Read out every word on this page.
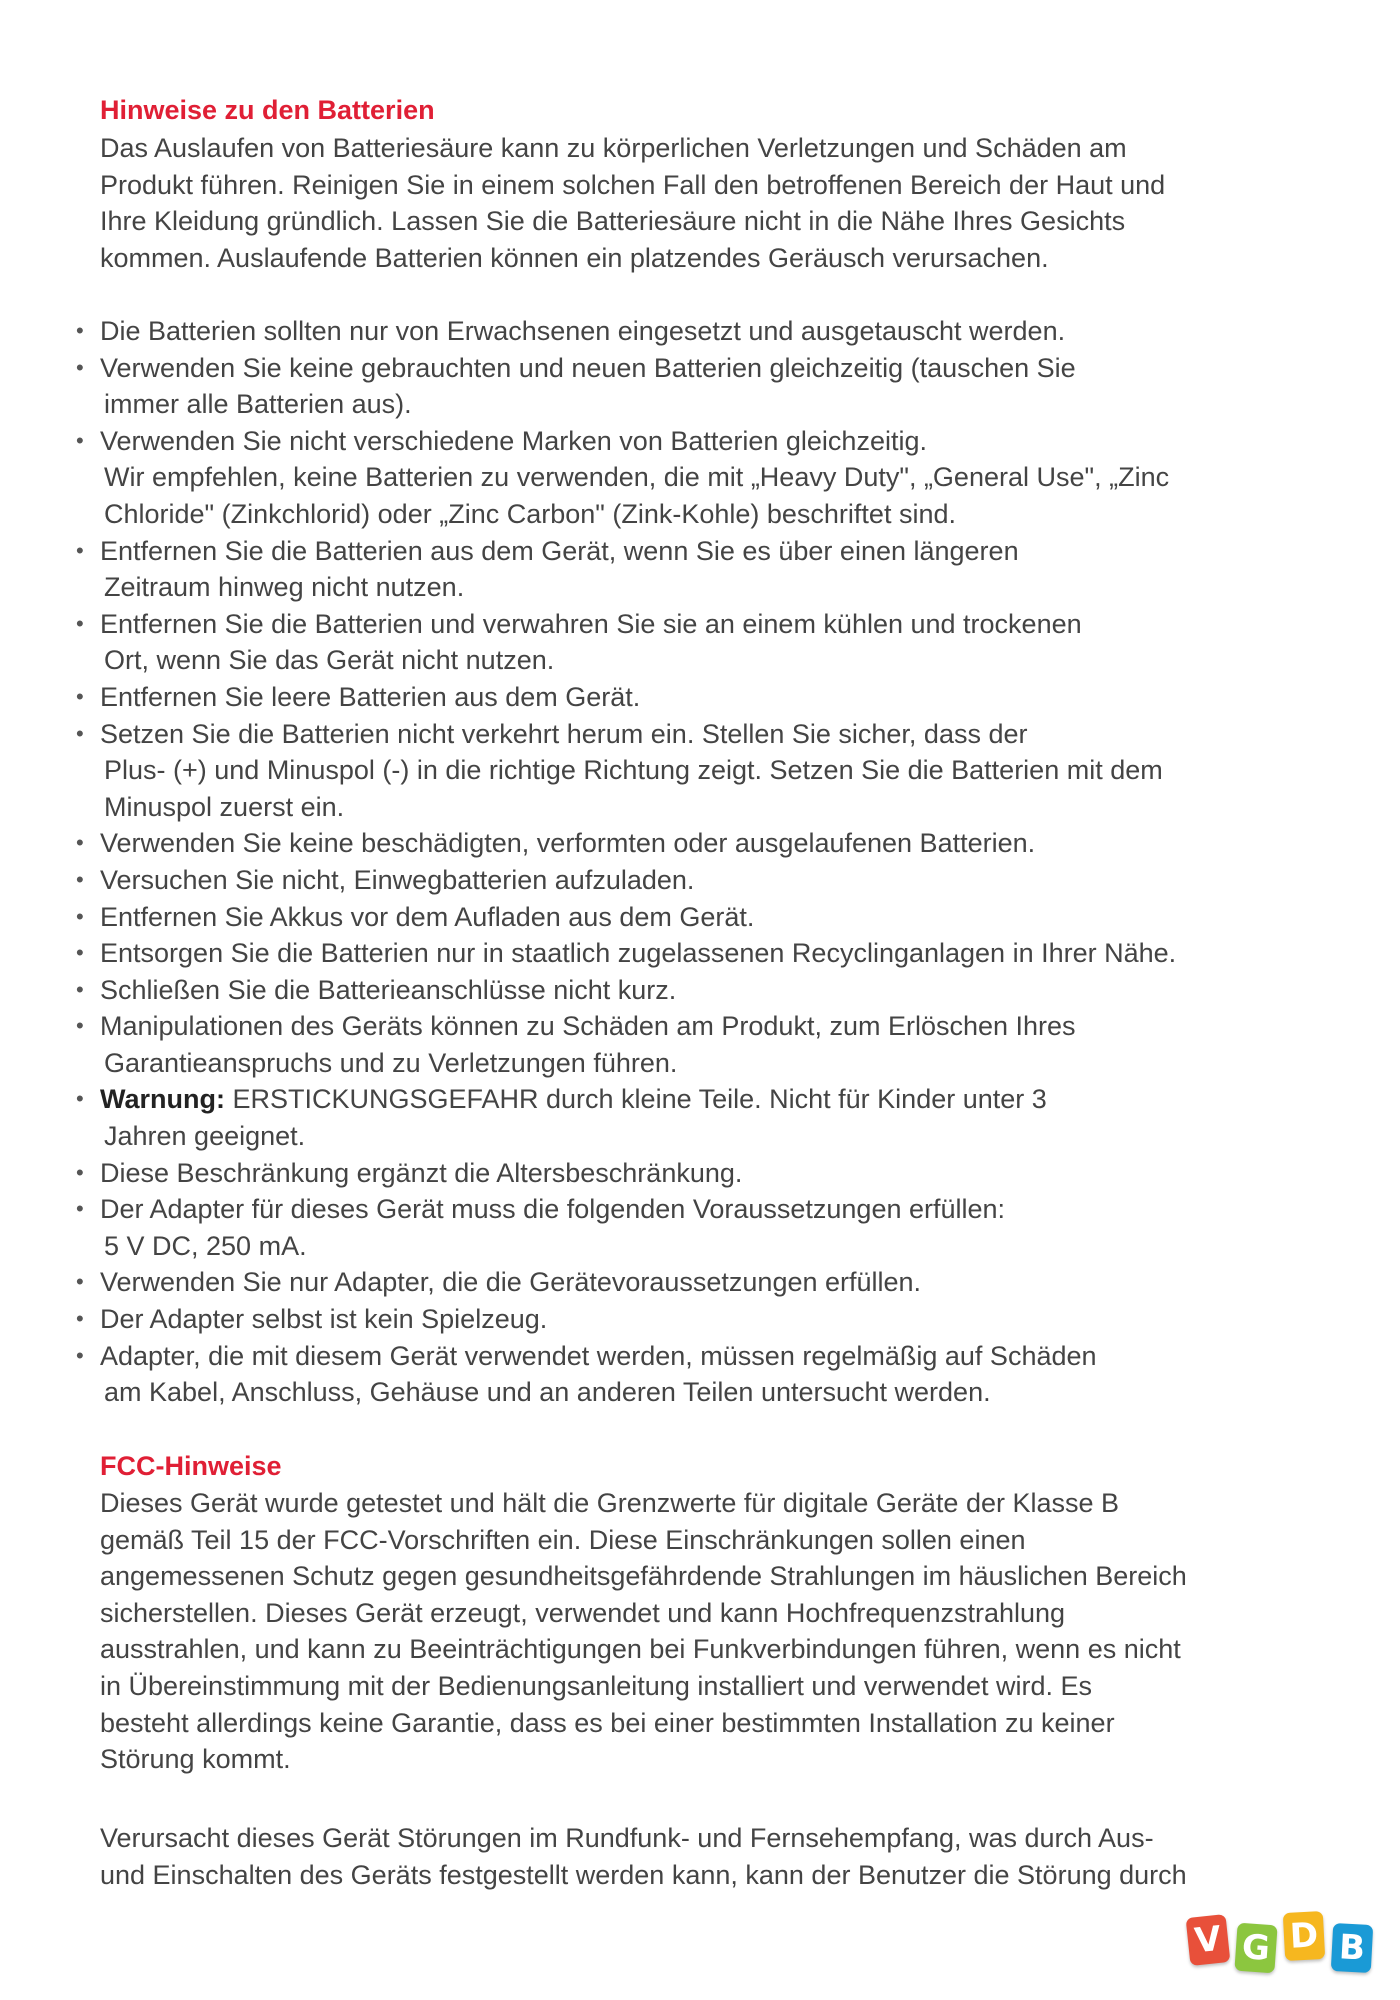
Hinweise zu den Batterien
Das Auslaufen von Batteriesäure kann zu körperlichen Verletzungen und Schäden am
Produkt führen. Reinigen Sie in einem solchen Fall den betroffenen Bereich der Haut und
Ihre Kleidung gründlich. Lassen Sie die Batteriesäure nicht in die Nähe Ihres Gesichts
kommen. Auslaufende Batterien können ein platzendes Geräusch verursachen.
• Die Batterien sollten nur von Erwachsenen eingesetzt und ausgetauscht werden.
• Verwenden Sie keine gebrauchten und neuen Batterien gleichzeitig (tauschen Sie
immer alle Batterien aus).
• Verwenden Sie nicht verschiedene Marken von Batterien gleichzeitig.
Wir empfehlen, keine Batterien zu verwenden, die mit „Heavy Duty", „General Use", „Zinc
Chloride" (Zinkchlorid) oder „Zinc Carbon" (Zink-Kohle) beschriftet sind.
• Entfernen Sie die Batterien aus dem Gerät, wenn Sie es über einen längeren
Zeitraum hinweg nicht nutzen.
• Entfernen Sie die Batterien und verwahren Sie sie an einem kühlen und trockenen
Ort, wenn Sie das Gerät nicht nutzen.
• Entfernen Sie leere Batterien aus dem Gerät.
• Setzen Sie die Batterien nicht verkehrt herum ein. Stellen Sie sicher, dass der
Plus- (+) und Minuspol (-) in die richtige Richtung zeigt. Setzen Sie die Batterien mit dem
Minuspol zuerst ein.
• Verwenden Sie keine beschädigten, verformten oder ausgelaufenen Batterien.
• Versuchen Sie nicht, Einwegbatterien aufzuladen.
• Entfernen Sie Akkus vor dem Aufladen aus dem Gerät.
• Entsorgen Sie die Batterien nur in staatlich zugelassenen Recyclinganlagen in Ihrer Nähe.
• Schließen Sie die Batterieanschlüsse nicht kurz.
• Manipulationen des Geräts können zu Schäden am Produkt, zum Erlöschen Ihres
Garantieanspruchs und zu Verletzungen führen.
• Warnung: ERSTICKUNGSGEFAHR durch kleine Teile. Nicht für Kinder unter 3
Jahren geeignet.
• Diese Beschränkung ergänzt die Altersbeschränkung.
• Der Adapter für dieses Gerät muss die folgenden Voraussetzungen erfüllen:
5 V DC, 250 mA.
• Verwenden Sie nur Adapter, die die Gerätevoraussetzungen erfüllen.
• Der Adapter selbst ist kein Spielzeug.
• Adapter, die mit diesem Gerät verwendet werden, müssen regelmäßig auf Schäden
am Kabel, Anschluss, Gehäuse und an anderen Teilen untersucht werden.
FCC-Hinweise
Dieses Gerät wurde getestet und hält die Grenzwerte für digitale Geräte der Klasse B
gemäß Teil 15 der FCC-Vorschriften ein. Diese Einschränkungen sollen einen
angemessenen Schutz gegen gesundheitsgefährdende Strahlungen im häuslichen Bereich
sicherstellen. Dieses Gerät erzeugt, verwendet und kann Hochfrequenzstrahlung
ausstrahlen, und kann zu Beeinträchtigungen bei Funkverbindungen führen, wenn es nicht
in Übereinstimmung mit der Bedienungsanleitung installiert und verwendet wird. Es
besteht allerdings keine Garantie, dass es bei einer bestimmten Installation zu keiner
Störung kommt.
Verursacht dieses Gerät Störungen im Rundfunk- und Fernsehempfang, was durch Aus-
und Einschalten des Geräts festgestellt werden kann, kann der Benutzer die Störung durch
V G D B
